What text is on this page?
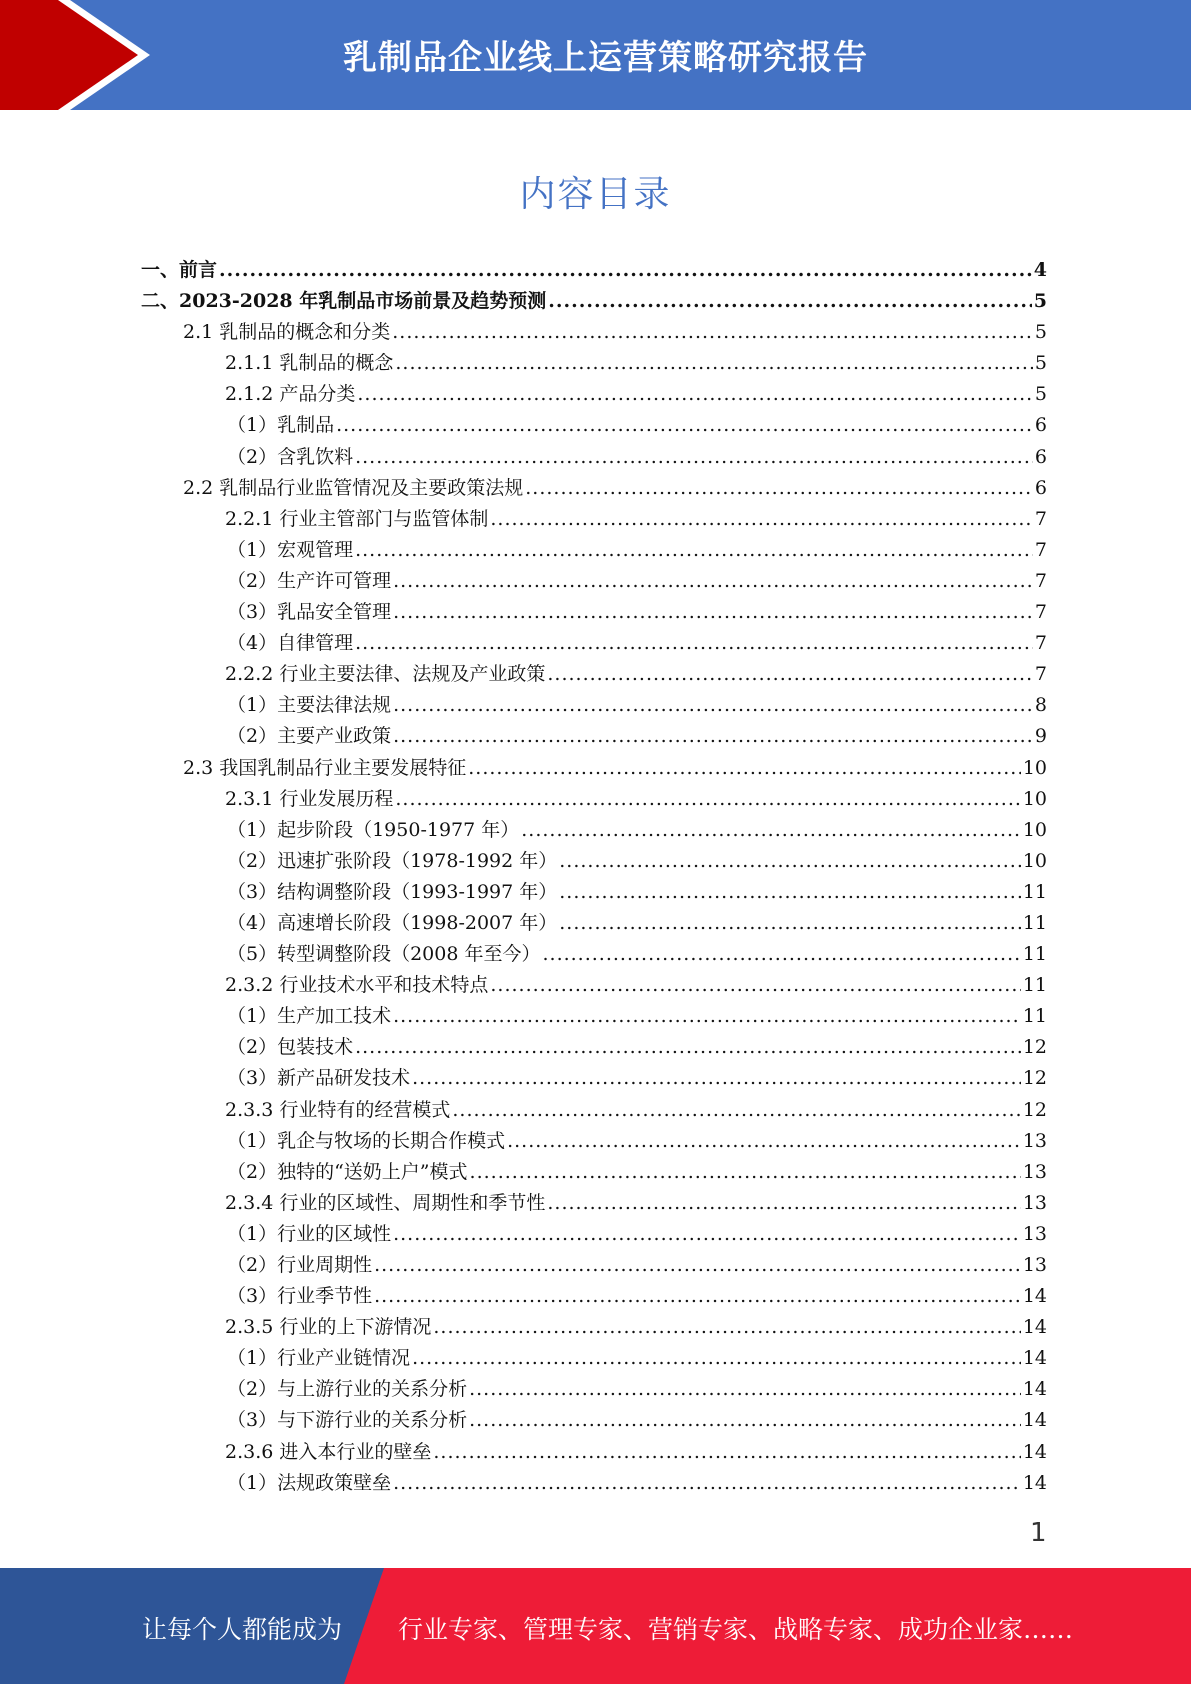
乳制品企业线上运营策略研究报告
内容目录
一、前言 .....	4
二、2023-2028 年乳制品市场前景及趋势预测 .....	5
2.1 乳制品的概念和分类 .....	5
2.1.1 乳制品的概念 .....	5
2.1.2 产品分类 .....	5
（1）乳制品 .....	6
（2）含乳饮料 .....	6
2.2 乳制品行业监管情况及主要政策法规 .....	6
2.2.1 行业主管部门与监管体制 .....	7
（1）宏观管理 .....	7
（2）生产许可管理 .....	7
（3）乳品安全管理 .....	7
（4）自律管理 .....	7
2.2.2 行业主要法律、法规及产业政策 .....	7
（1）主要法律法规 .....	8
（2）主要产业政策 .....	9
2.3 我国乳制品行业主要发展特征 .....	10
2.3.1 行业发展历程 .....	10
（1）起步阶段（1950-1977 年） .....	10
（2）迅速扩张阶段（1978-1992 年） .....	10
（3）结构调整阶段（1993-1997 年） .....	11
（4）高速增长阶段（1998-2007 年） .....	11
（5）转型调整阶段（2008 年至今） .....	11
2.3.2 行业技术水平和技术特点 .....	11
（1）生产加工技术 .....	11
（2）包装技术 .....	12
（3）新产品研发技术 .....	12
2.3.3 行业特有的经营模式 .....	12
（1）乳企与牧场的长期合作模式 .....	13
（2）独特的“送奶上户”模式 .....	13
2.3.4 行业的区域性、周期性和季节性 .....	13
（1）行业的区域性 .....	13
（2）行业周期性 .....	13
（3）行业季节性 .....	14
2.3.5 行业的上下游情况 .....	14
（1）行业产业链情况 .....	14
（2）与上游行业的关系分析 .....	14
（3）与下游行业的关系分析 .....	14
2.3.6 进入本行业的壁垒 .....	14
（1）法规政策壁垒 .....	14
1
让每个人都能成为 行业专家、管理专家、营销专家、战略专家、成功企业家……
